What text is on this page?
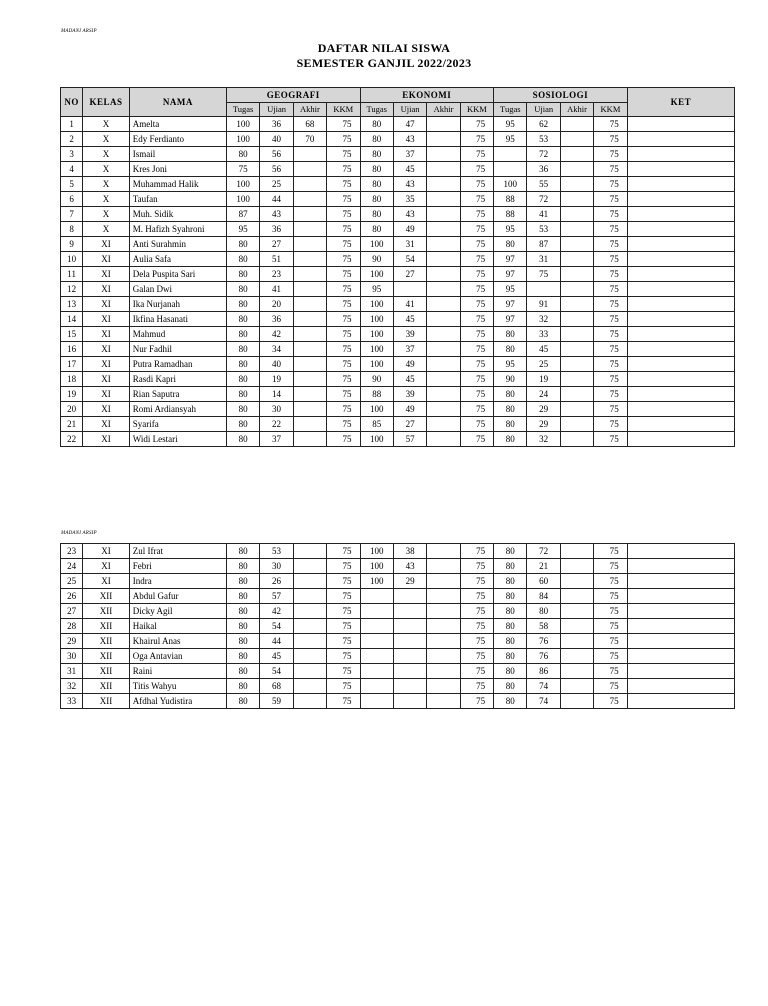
MADANI ARSIP
DAFTAR NILAI SISWA
SEMESTER GANJIL 2022/2023
NO	KELAS	NAMA	GEOGRAFI				EKONOMI				SOSIOLOGI				KET
			Tugas	Ujian	Akhir	KKM	Tugas	Ujian	Akhir	KKM	Tugas	Ujian	Akhir	KKM	
1	X	Amelta	100	36	68	75	80	47		75	95	62		75	
2	X	Edy Ferdianto	100	40	70	75	80	43		75	95	53		75	
3	X	Ismail	80	56		75	80	37		75		72		75	
4	X	Kres Joni	75	56		75	80	45		75		36		75	
5	X	Muhammad Halik	100	25		75	80	43		75	100	55		75	
6	X	Taufan	100	44		75	80	35		75	88	72		75	
7	X	Muh. Sidik	87	43		75	80	43		75	88	41		75	
8	X	M. Hafizh Syahroni	95	36		75	80	49		75	95	53		75	
9	XI	Anti Surahmin	80	27		75	100	31		75	80	87		75	
10	XI	Aulia Safa	80	51		75	90	54		75	97	31		75	
11	XI	Dela Puspita Sari	80	23		75	100	27		75	97	75		75	
12	XI	Galan Dwi	80	41		75	95			75	95			75	
13	XI	Ika Nurjanah	80	20		75	100	41		75	97	91		75	
14	XI	Ikfina Hasanati	80	36		75	100	45		75	97	32		75	
15	XI	Mahmud	80	42		75	100	39		75	80	33		75	
16	XI	Nur Fadhil	80	34		75	100	37		75	80	45		75	
17	XI	Putra Ramadhan	80	40		75	100	49		75	95	25		75	
18	XI	Rasdi Kapri	80	19		75	90	45		75	90	19		75	
19	XI	Rian Saputra	80	14		75	88	39		75	80	24		75	
20	XI	Romi Ardiansyah	80	30		75	100	49		75	80	29		75	
21	XI	Syarifa	80	22		75	85	27		75	80	29		75	
22	XI	Widi Lestari	80	37		75	100	57		75	80	32		75	
MADANI ARSIP
23	XI	Zul Ifrat	80	53		75	100	38		75	80	72		75	
24	XI	Febri	80	30		75	100	43		75	80	21		75	
25	XI	Indra	80	26		75	100	29		75	80	60		75	
26	XII	Abdul Gafur	80	57		75				75	80	84		75	
27	XII	Dicky Agil	80	42		75				75	80	80		75	
28	XII	Haikal	80	54		75				75	80	58		75	
29	XII	Khairul Anas	80	44		75				75	80	76		75	
30	XII	Oga Antavian	80	45		75				75	80	76		75	
31	XII	Raini	80	54		75				75	80	86		75	
32	XII	Titis Wahyu	80	68		75				75	80	74		75	
33	XII	Afdhal Yudistira	80	59		75				75	80	74		75	
